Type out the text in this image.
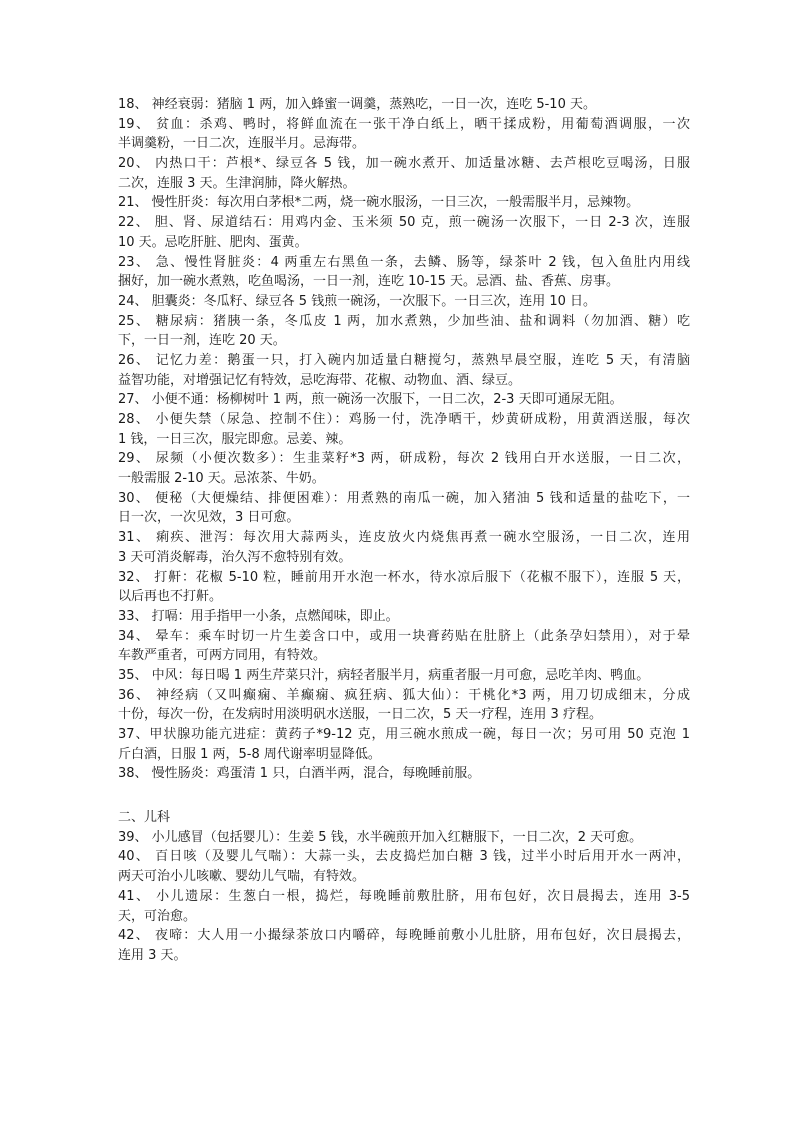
18、 神经衰弱：猪脑 1 两，加入蜂蜜一调羹，蒸熟吃，一日一次，连吃 5-10 天。
19、 贫血：杀鸡、鸭时，将鲜血流在一张干净白纸上，晒干揉成粉，用葡萄酒调服，一次
半调羹粉，一日二次，连服半月。忌海带。
20、 内热口干：芦根*、绿豆各 5 钱，加一碗水煮开、加适量冰糖、去芦根吃豆喝汤，日服
二次，连服 3 天。生津润肺，降火解热。
21、 慢性肝炎：每次用白茅根*二两，烧一碗水服汤，一日三次，一般需服半月，忌辣物。
22、 胆、肾、尿道结石：用鸡内金、玉米须 50 克，煎一碗汤一次服下，一日 2-3 次，连服
10 天。忌吃肝脏、肥肉、蛋黄。
23、 急、慢性肾脏炎：4 两重左右黑鱼一条，去鳞、肠等，绿茶叶 2 钱，包入鱼肚内用线
捆好，加一碗水煮熟，吃鱼喝汤，一日一剂，连吃 10-15 天。忌酒、盐、香蕉、房事。
24、 胆囊炎：冬瓜籽、绿豆各 5 钱煎一碗汤，一次服下。一日三次，连用 10 日。
25、 糖尿病：猪胰一条，冬瓜皮 1 两，加水煮熟，少加些油、盐和调料（勿加酒、糖）吃
下，一日一剂，连吃 20 天。
26、 记忆力差：鹅蛋一只，打入碗内加适量白糖搅匀，蒸熟早晨空服，连吃 5 天，有清脑
益智功能，对增强记忆有特效，忌吃海带、花椒、动物血、酒、绿豆。
27、 小便不通：杨柳树叶 1 两，煎一碗汤一次服下，一日二次，2-3 天即可通尿无阻。
28、 小便失禁（尿急、控制不住）：鸡肠一付，洗净晒干，炒黄研成粉，用黄酒送服，每次
1 钱，一日三次，服完即愈。忌姜、辣。
29、 尿频（小便次数多）：生韭菜籽*3 两，研成粉，每次 2 钱用白开水送服，一日二次，
一般需服 2-10 天。忌浓茶、牛奶。
30、 便秘（大便燥结、排便困难）：用煮熟的南瓜一碗，加入猪油 5 钱和适量的盐吃下，一
日一次，一次见效，3 日可愈。
31、 痢疾、泄泻：每次用大蒜两头，连皮放火内烧焦再煮一碗水空服汤，一日二次，连用
3 天可消炎解毒，治久泻不愈特别有效。
32、 打鼾：花椒 5-10 粒，睡前用开水泡一杯水，待水凉后服下（花椒不服下），连服 5 天，
以后再也不打鼾。
33、 打嗝：用手指甲一小条，点燃闻味，即止。
34、 晕车：乘车时切一片生姜含口中，或用一块膏药贴在肚脐上（此条孕妇禁用），对于晕
车教严重者，可两方同用，有特效。
35、 中风：每日喝 1 两生芹菜只汁，病轻者服半月，病重者服一月可愈，忌吃羊肉、鸭血。
36、 神经病（又叫癫痫、羊癫痫、疯狂病、狐大仙）：干桃化*3 两，用刀切成细末，分成
十份，每次一份，在发病时用淡明矾水送服，一日二次，5 天一疗程，连用 3 疗程。
37、甲状腺功能亢进症：黄药子*9-12 克，用三碗水煎成一碗，每日一次；另可用 50 克泡 1
斤白酒，日服 1 两，5-8 周代谢率明显降低。
38、 慢性肠炎：鸡蛋清 1 只，白酒半两，混合，每晚睡前服。
二、儿科
39、 小儿感冒（包括婴儿）：生姜 5 钱，水半碗煎开加入红糖服下，一日二次，2 天可愈。
40、 百日咳（及婴儿气喘）：大蒜一头，去皮捣烂加白糖 3 钱，过半小时后用开水一两冲，
两天可治小儿咳嗽、婴幼儿气喘，有特效。
41、 小儿遗尿：生葱白一根，捣烂，每晚睡前敷肚脐，用布包好，次日晨揭去，连用 3-5
天，可治愈。
42、 夜啼：大人用一小撮绿茶放口内嚼碎，每晚睡前敷小儿肚脐，用布包好，次日晨揭去，
连用 3 天。
